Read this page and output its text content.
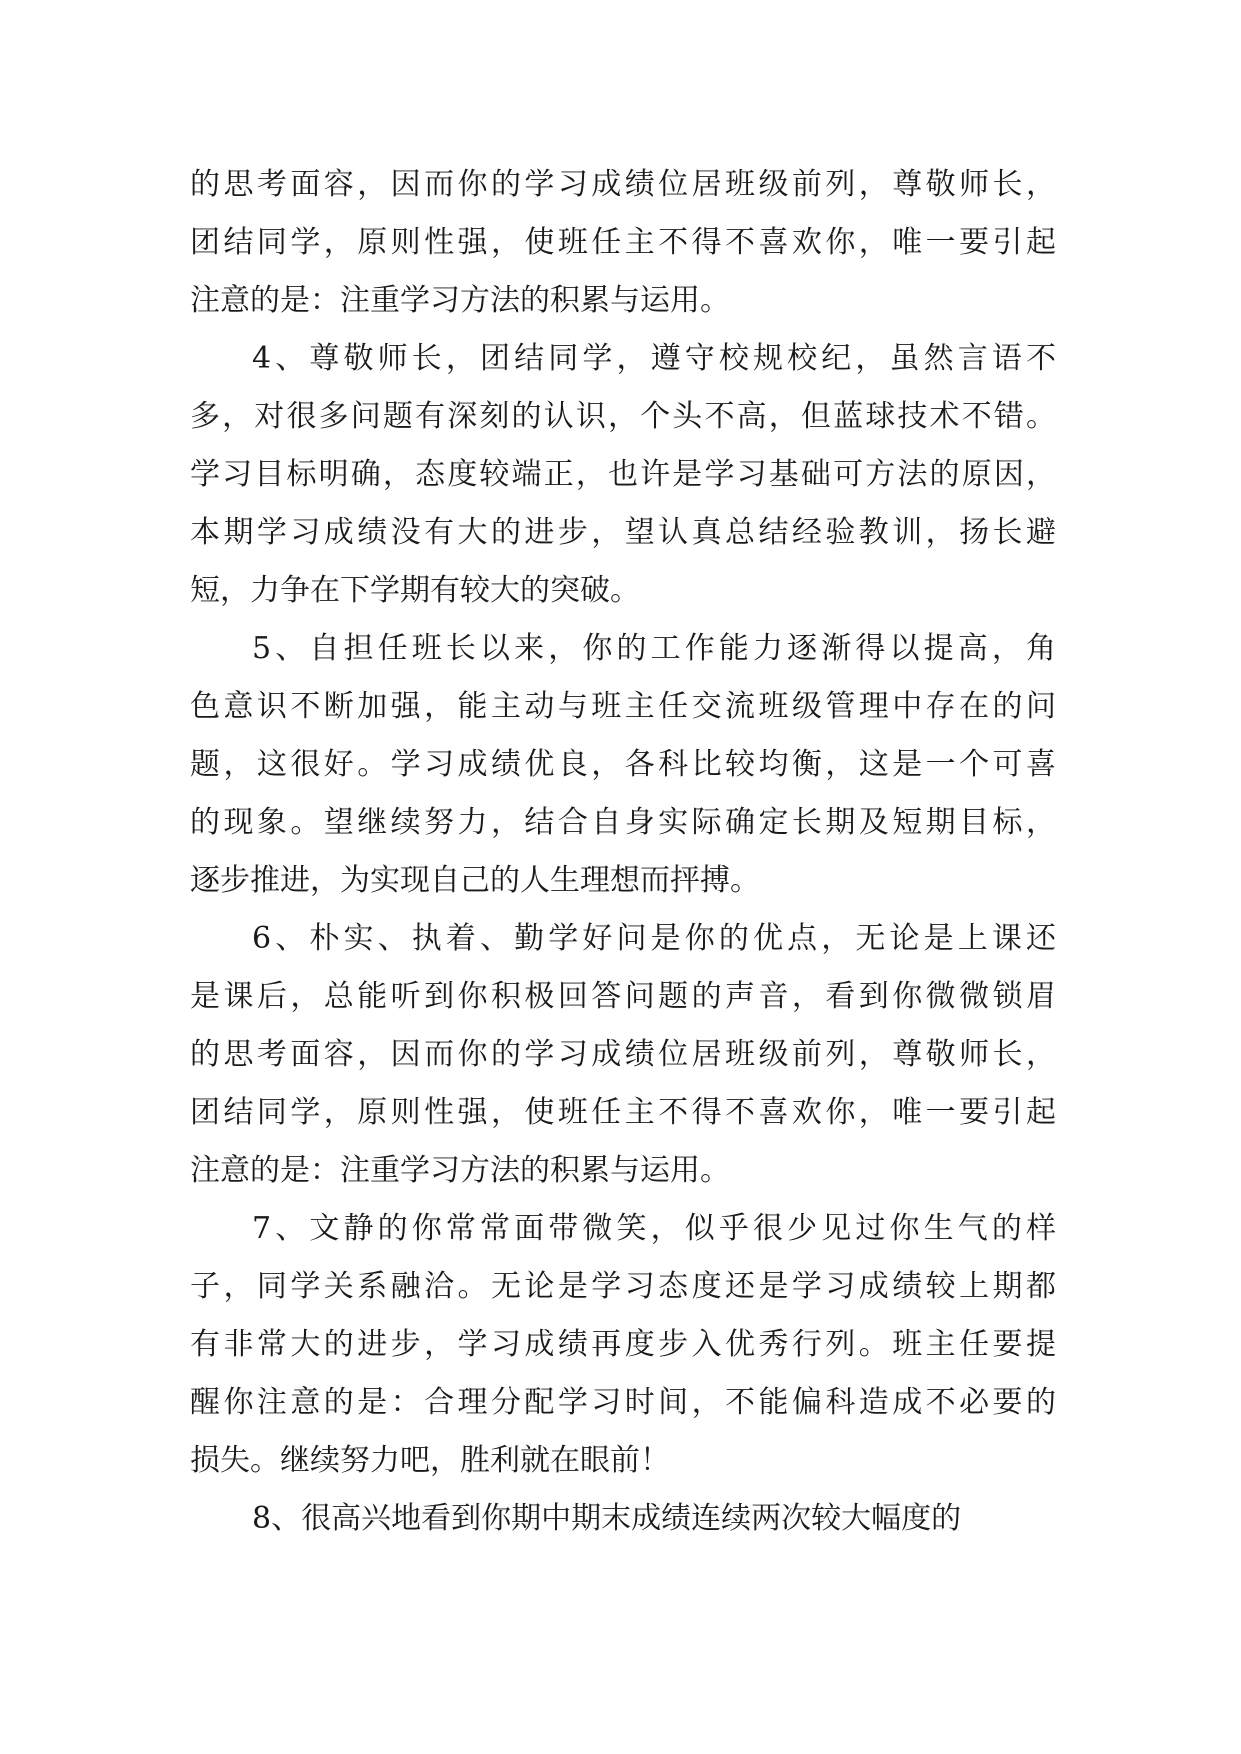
的思考面容，因而你的学习成绩位居班级前列，尊敬师长，
团结同学，原则性强，使班任主不得不喜欢你，唯一要引起
注意的是：注重学习方法的积累与运用。
4、尊敬师长，团结同学，遵守校规校纪，虽然言语不
多，对很多问题有深刻的认识，个头不高，但蓝球技术不错。
学习目标明确，态度较端正，也许是学习基础可方法的原因，
本期学习成绩没有大的进步，望认真总结经验教训，扬长避
短，力争在下学期有较大的突破。
5、自担任班长以来，你的工作能力逐渐得以提高，角
色意识不断加强，能主动与班主任交流班级管理中存在的问
题，这很好。学习成绩优良，各科比较均衡，这是一个可喜
的现象。望继续努力，结合自身实际确定长期及短期目标，
逐步推进，为实现自己的人生理想而抨搏。
6、朴实、执着、勤学好问是你的优点，无论是上课还
是课后，总能听到你积极回答问题的声音，看到你微微锁眉
的思考面容，因而你的学习成绩位居班级前列，尊敬师长，
团结同学，原则性强，使班任主不得不喜欢你，唯一要引起
注意的是：注重学习方法的积累与运用。
7、文静的你常常面带微笑，似乎很少见过你生气的样
子，同学关系融洽。无论是学习态度还是学习成绩较上期都
有非常大的进步，学习成绩再度步入优秀行列。班主任要提
醒你注意的是：合理分配学习时间，不能偏科造成不必要的
损失。继续努力吧，胜利就在眼前！
8、很高兴地看到你期中期末成绩连续两次较大幅度的
